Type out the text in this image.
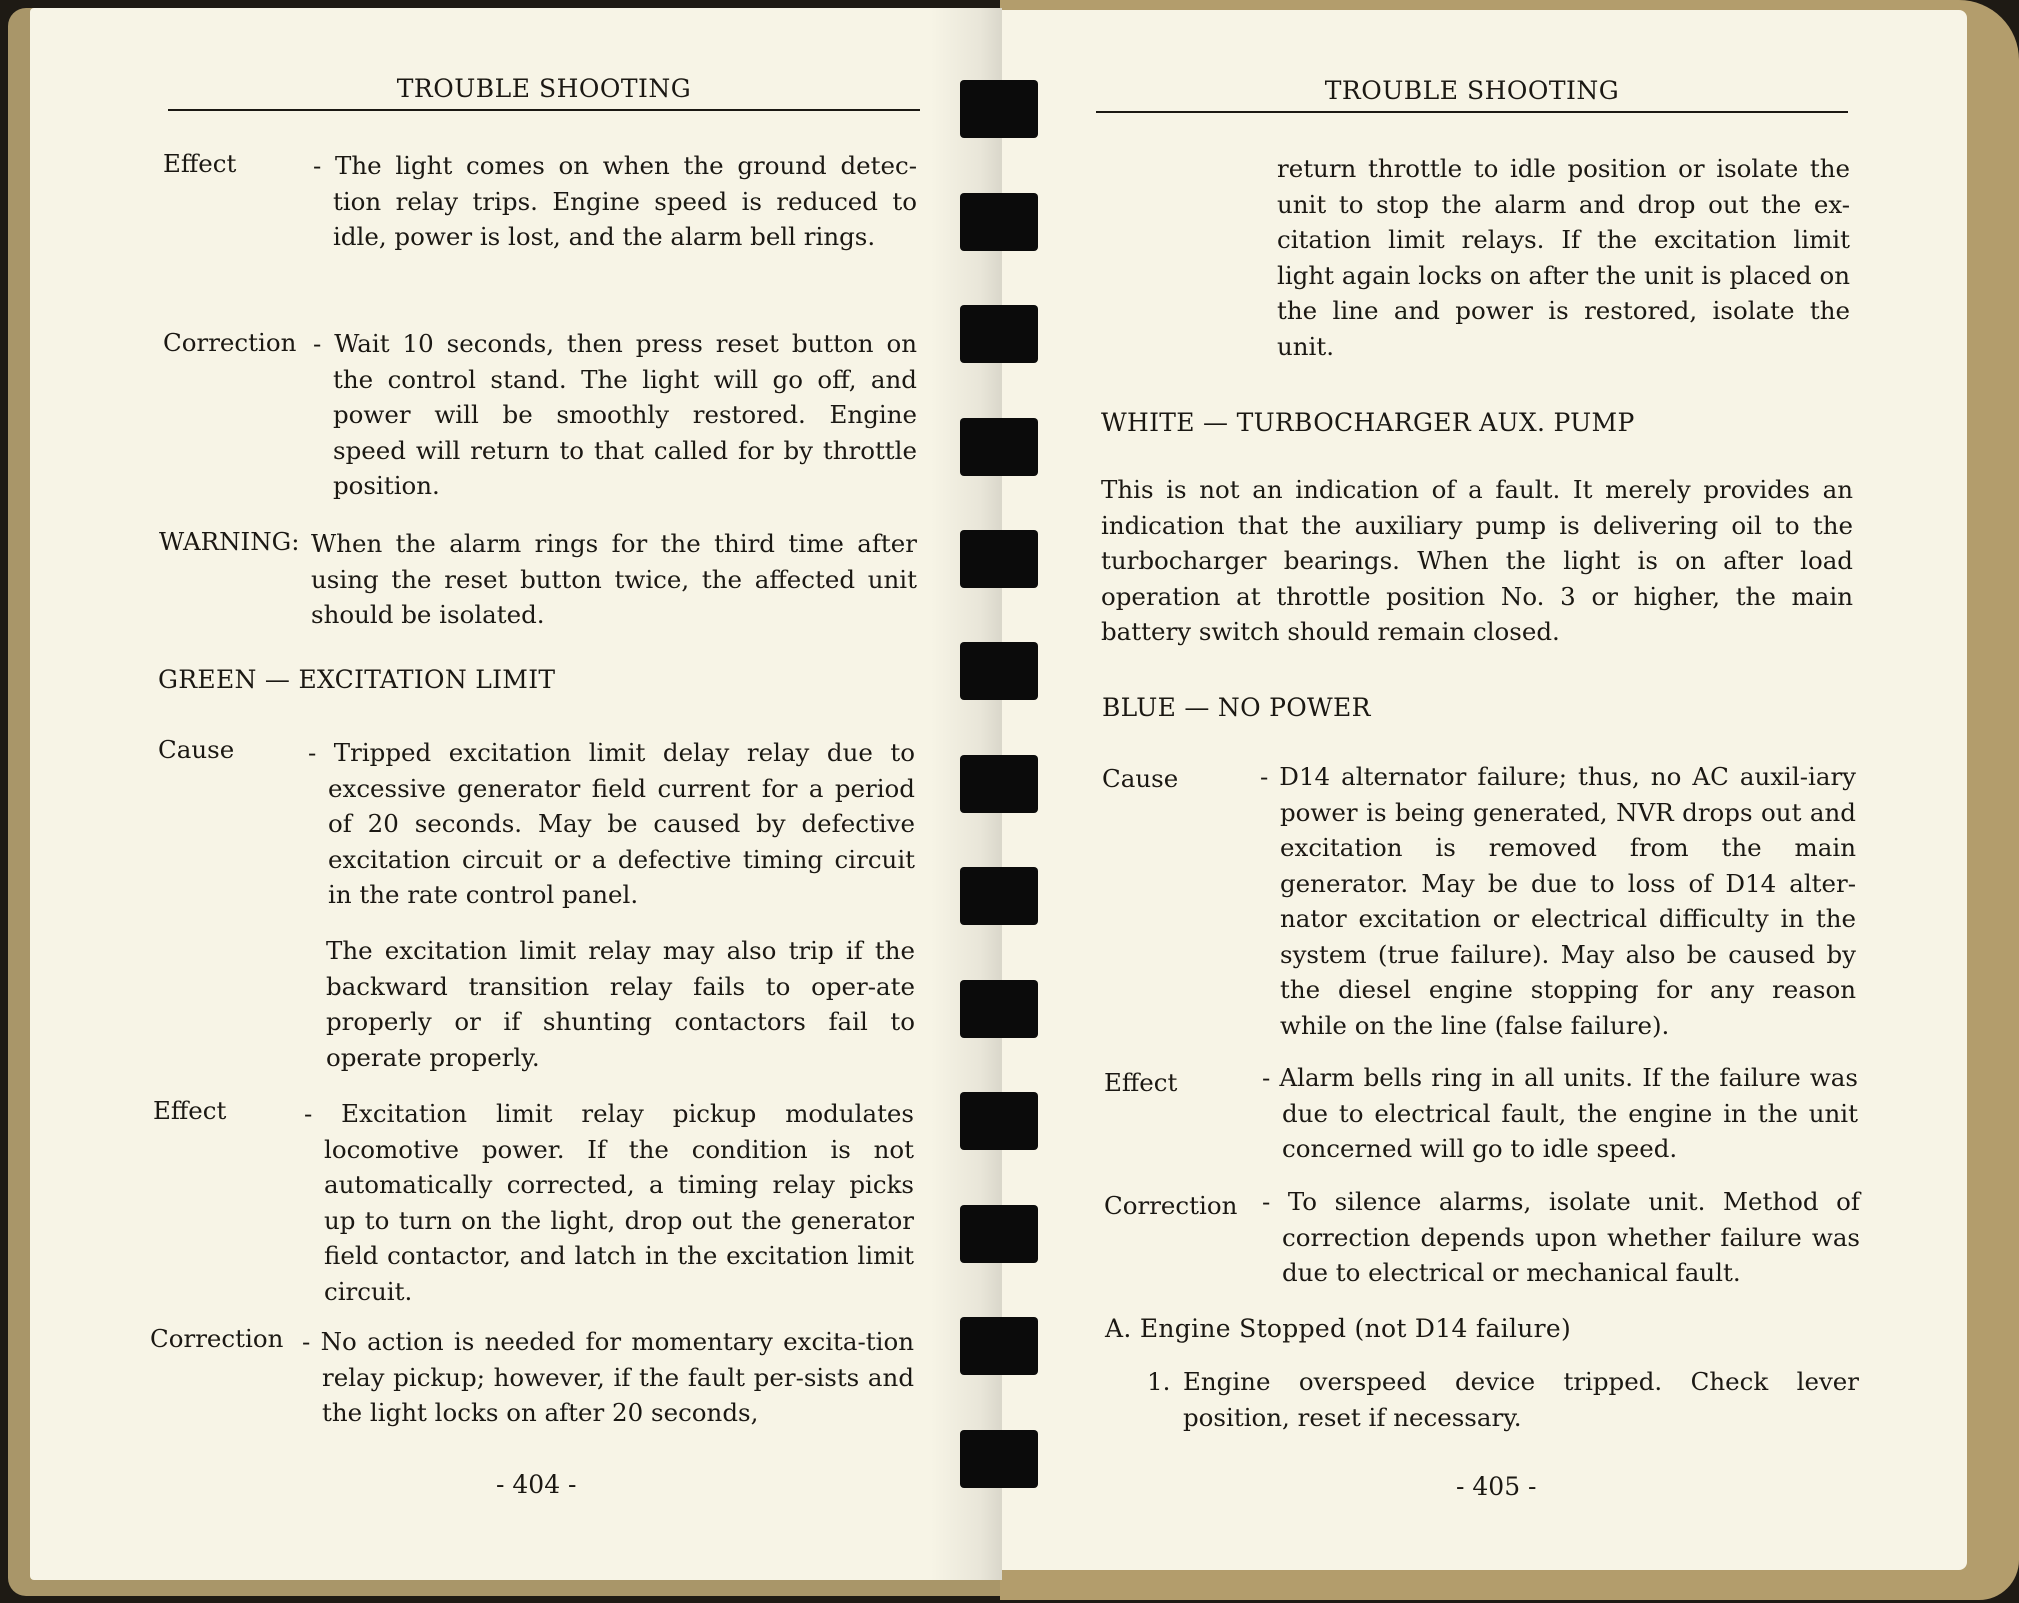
TROUBLE SHOOTING
Effect	- The light comes on when the ground detec-tion relay trips. Engine speed is reduced to idle, power is lost, and the alarm bell rings.
Correction - Wait 10 seconds, then press reset button on the control stand. The light will go off, and power will be smoothly restored. Engine speed will return to that called for by throttle position.
WARNING: When the alarm rings for the third time after using the reset button twice, the affected unit should be isolated.
GREEN — EXCITATION LIMIT
Cause	- Tripped excitation limit delay relay due to excessive generator field current for a period of 20 seconds. May be caused by defective excitation circuit or a defective timing circuit in the rate control panel.
The excitation limit relay may also trip if the backward transition relay fails to oper-ate properly or if shunting contactors fail to operate properly.
Effect	- Excitation limit relay pickup modulates locomotive power. If the condition is not automatically corrected, a timing relay picks up to turn on the light, drop out the generator field contactor, and latch in the excitation limit circuit.
Correction - No action is needed for momentary excita-tion relay pickup; however, if the fault per-sists and the light locks on after 20 seconds,
- 404 -
TROUBLE SHOOTING
return throttle to idle position or isolate the unit to stop the alarm and drop out the ex-citation limit relays. If the excitation limit light again locks on after the unit is placed on the line and power is restored, isolate the unit.
WHITE — TURBOCHARGER AUX. PUMP
This is not an indication of a fault. It merely provides an indication that the auxiliary pump is delivering oil to the turbocharger bearings. When the light is on after load operation at throttle position No. 3 or higher, the main battery switch should remain closed.
BLUE — NO POWER
Cause	- D14 alternator failure; thus, no AC auxil-iary power is being generated, NVR drops out and excitation is removed from the main generator. May be due to loss of D14 alter-nator excitation or electrical difficulty in the system (true failure). May also be caused by the diesel engine stopping for any reason while on the line (false failure).
Effect	- Alarm bells ring in all units. If the failure was due to electrical fault, the engine in the unit concerned will go to idle speed.
Correction - To silence alarms, isolate unit. Method of correction depends upon whether failure was due to electrical or mechanical fault.
A. Engine Stopped (not D14 failure)
1. Engine overspeed device tripped. Check lever position, reset if necessary.
- 405 -
